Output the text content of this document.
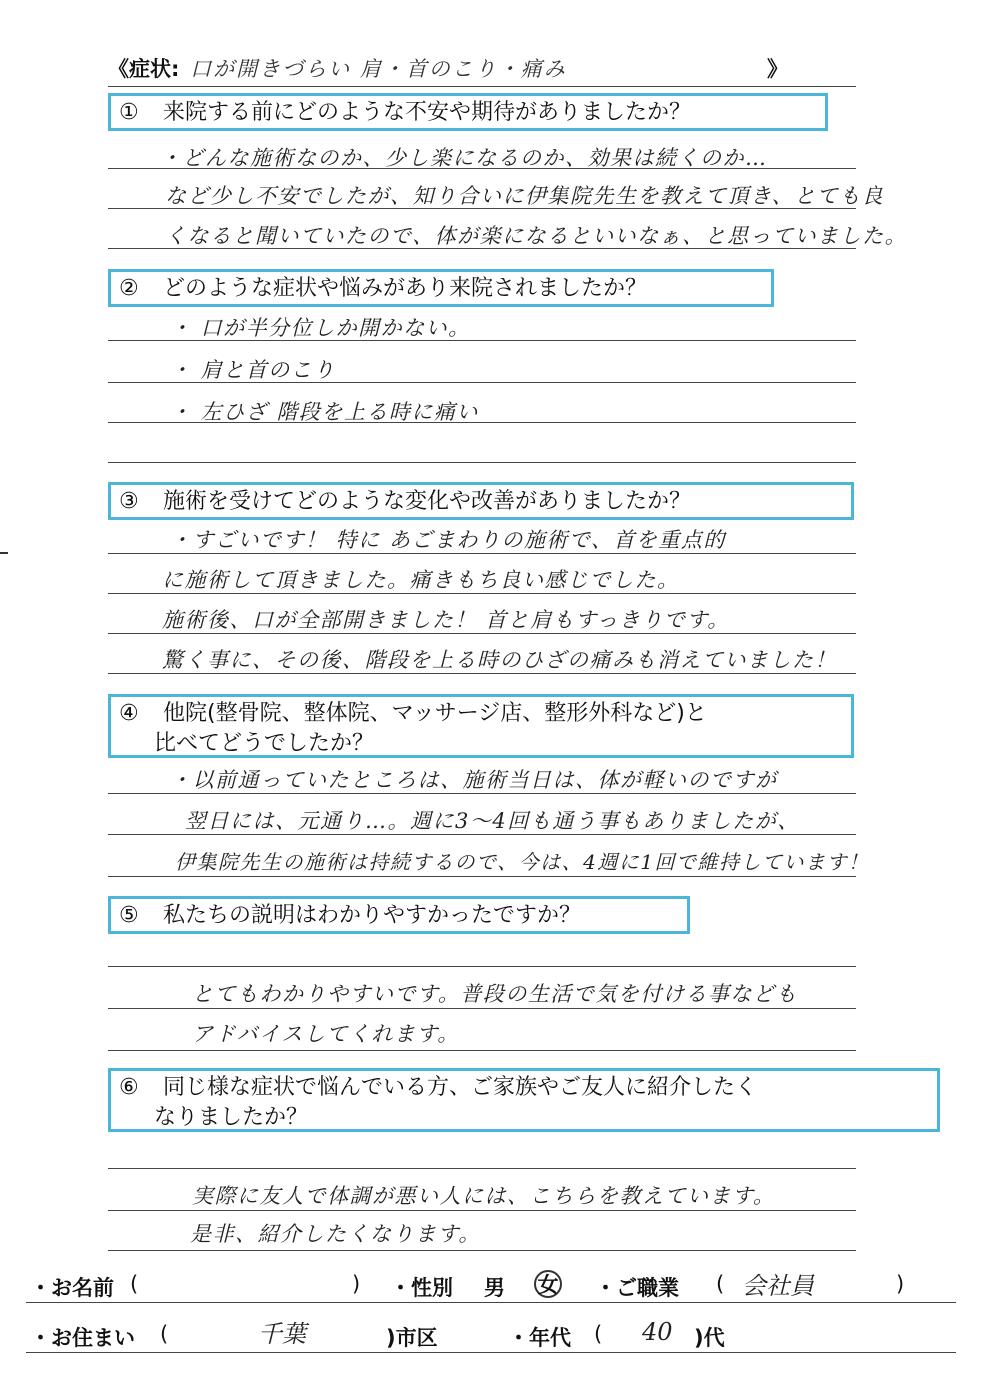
《症状: 口が開きづらい 肩・首のこり・痛み	》
① 来院する前にどのような不安や期待がありましたか？
・どんな施術なのか、少し楽になるのか、効果は続くのか…
など少し不安でしたが、知り合いに伊集院先生を教えて頂き、とても良
くなると聞いていたので、体が楽になるといいなぁ、と思っていました。
② どのような症状や悩みがあり来院されましたか？
・ 口が半分位しか開かない。
・ 肩と首のこり
・ 左ひざ 階段を上る時に痛い
③ 施術を受けてどのような変化や改善がありましたか？
・すごいです！ 特に あごまわりの施術で、首を重点的
に施術して頂きました。痛きもち良い感じでした。
施術後、口が全部開きました！ 首と肩もすっきりです。
驚く事に、その後、階段を上る時のひざの痛みも消えていました！
④ 他院(整骨院、整体院、マッサージ店、整形外科など)と
比べてどうでしたか？
・以前通っていたところは、施術当日は、体が軽いのですが
翌日には、元通り…。週に3〜4回も通う事もありましたが、
伊集院先生の施術は持続するので、今は、4週に1回で維持しています！
⑤ 私たちの説明はわかりやすかったですか？
とてもわかりやすいです。普段の生活で気を付ける事なども
アドバイスしてくれます。
⑥ 同じ様な症状で悩んでいる方、ご家族やご友人に紹介したく
なりましたか？
実際に友人で体調が悪い人には、こちらを教えています。
是非、紹介したくなります。
・お名前 (	) ・性別 男 女 ・ご職業 ( 会社員	)
・お住まい (	千葉	)市区	・年代 ( 40 )代
